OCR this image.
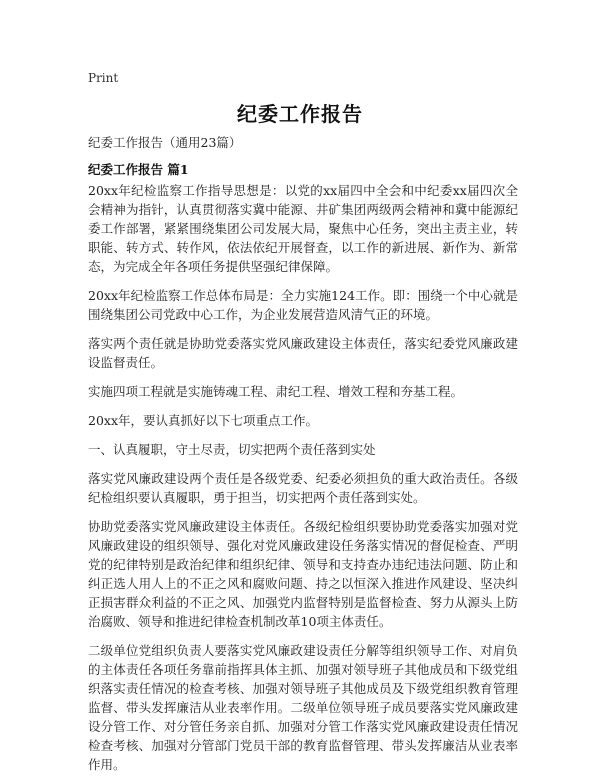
Print
纪委工作报告
纪委工作报告（通用23篇）
纪委工作报告 篇1

20xx年纪检监察工作指导思想是：以党的xx届四中全会和中纪委xx届四次全会精神为指针，认真贯彻落实冀中能源、井矿集团两级两会精神和冀中能源纪委工作部署，紧紧围绕集团公司发展大局，聚焦中心任务，突出主责主业，转职能、转方式、转作风，依法依纪开展督查，以工作的新进展、新作为、新常态，为完成全年各项任务提供坚强纪律保障。

20xx年纪检监察工作总体布局是：全力实施124工作。即：围绕一个中心就是围绕集团公司党政中心工作，为企业发展营造风清气正的环境。

落实两个责任就是协助党委落实党风廉政建设主体责任，落实纪委党风廉政建设监督责任。

实施四项工程就是实施铸魂工程、肃纪工程、增效工程和夯基工程。

20xx年，要认真抓好以下七项重点工作。

一、认真履职，守土尽责，切实把两个责任落到实处

落实党风廉政建设两个责任是各级党委、纪委必须担负的重大政治责任。各级纪检组织要认真履职，勇于担当，切实把两个责任落到实处。

协助党委落实党风廉政建设主体责任。各级纪检组织要协助党委落实加强对党风廉政建设的组织领导、强化对党风廉政建设任务落实情况的督促检查、严明党的纪律特别是政治纪律和组织纪律、领导和支持查办违纪违法问题、防止和纠正选人用人上的不正之风和腐败问题、持之以恒深入推进作风建设、坚决纠正损害群众利益的不正之风、加强党内监督特别是监督检查、努力从源头上防治腐败、领导和推进纪律检查机制改革10项主体责任。

二级单位党组织负责人要落实党风廉政建设责任分解等组织领导工作、对肩负的主体责任各项任务靠前指挥具体主抓、加强对领导班子其他成员和下级党组织落实责任情况的检查考核、加强对领导班子其他成员及下级党组织教育管理监督、带头发挥廉洁从业表率作用。二级单位领导班子成员要落实党风廉政建设分管工作、对分管任务亲自抓、加强对分管工作落实党风廉政建设责任情况检查考核、加强对分管部门党员干部的教育监督管理、带头发挥廉洁从业表率作用。
